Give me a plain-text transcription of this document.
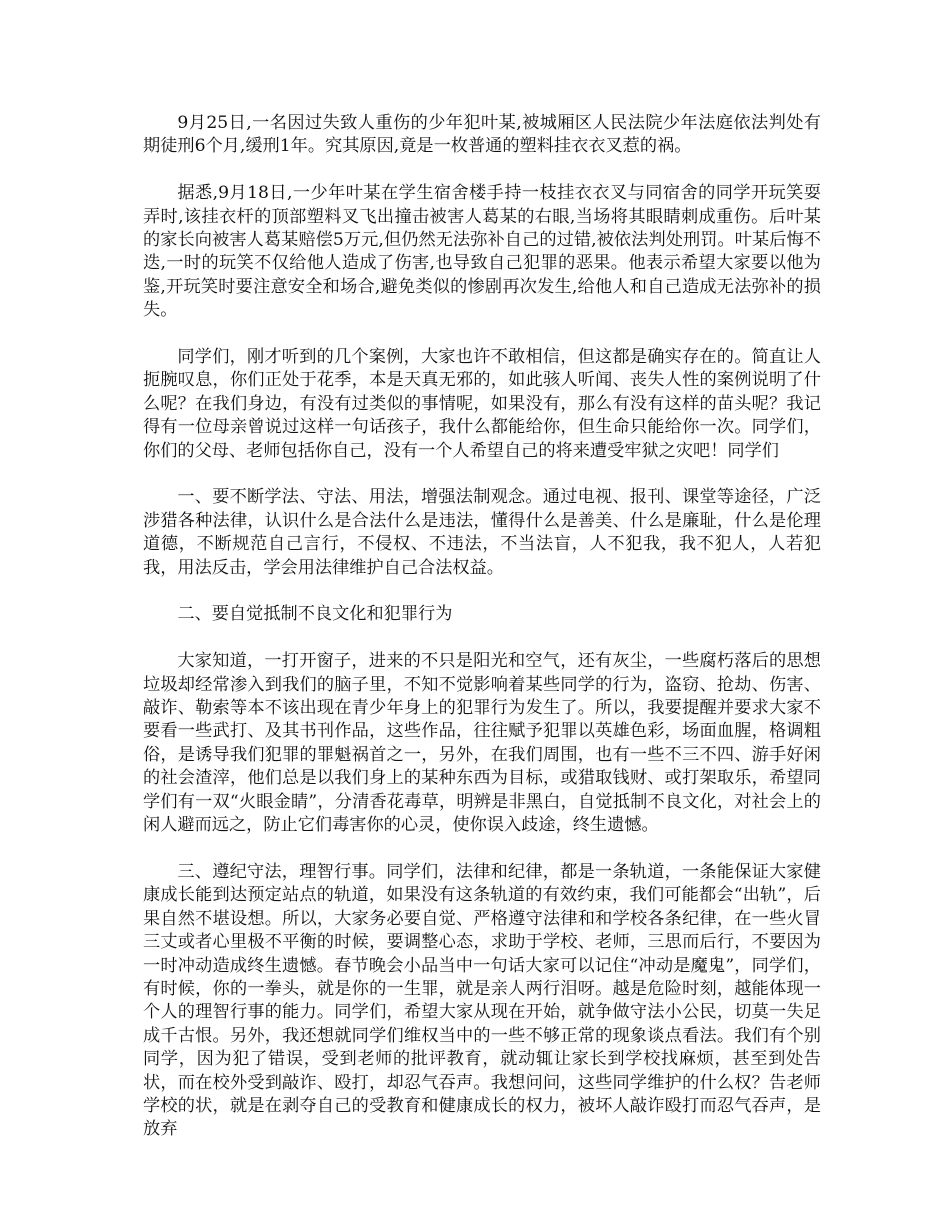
9月25日,一名因过失致人重伤的少年犯叶某,被城厢区人民法院少年法庭依法判处有期徒刑6个月,缓刑1年。究其原因,竟是一枚普通的塑料挂衣衣叉惹的祸。

据悉,9月18日,一少年叶某在学生宿舍楼手持一枝挂衣衣叉与同宿舍的同学开玩笑耍弄时,该挂衣杆的顶部塑料叉飞出撞击被害人葛某的右眼,当场将其眼睛刺成重伤。后叶某的家长向被害人葛某赔偿5万元,但仍然无法弥补自己的过错,被依法判处刑罚。叶某后悔不迭,一时的玩笑不仅给他人造成了伤害,也导致自己犯罪的恶果。他表示希望大家要以他为鉴,开玩笑时要注意安全和场合,避免类似的惨剧再次发生,给他人和自己造成无法弥补的损失。

同学们，刚才听到的几个案例，大家也许不敢相信，但这都是确实存在的。简直让人扼腕叹息，你们正处于花季，本是天真无邪的，如此骇人听闻、丧失人性的案例说明了什么呢？在我们身边，有没有过类似的事情呢，如果没有，那么有没有这样的苗头呢？我记得有一位母亲曾说过这样一句话孩子，我什么都能给你，但生命只能给你一次。同学们，你们的父母、老师包括你自己，没有一个人希望自己的将来遭受牢狱之灾吧！同学们

一、要不断学法、守法、用法，增强法制观念。通过电视、报刊、课堂等途径，广泛涉猎各种法律，认识什么是合法什么是违法，懂得什么是善美、什么是廉耻，什么是伦理道德，不断规范自己言行，不侵权、不违法，不当法盲，人不犯我，我不犯人，人若犯我，用法反击，学会用法律维护自己合法权益。

二、要自觉抵制不良文化和犯罪行为

大家知道，一打开窗子，进来的不只是阳光和空气，还有灰尘，一些腐朽落后的思想垃圾却经常渗入到我们的脑子里，不知不觉影响着某些同学的行为，盗窃、抢劫、伤害、敲诈、勒索等本不该出现在青少年身上的犯罪行为发生了。所以，我要提醒并要求大家不要看一些武打、及其书刊作品，这些作品，往往赋予犯罪以英雄色彩，场面血腥，格调粗俗，是诱导我们犯罪的罪魁祸首之一，另外，在我们周围，也有一些不三不四、游手好闲的社会渣滓，他们总是以我们身上的某种东西为目标，或猎取钱财、或打架取乐，希望同学们有一双“火眼金睛”，分清香花毒草，明辨是非黑白，自觉抵制不良文化，对社会上的闲人避而远之，防止它们毒害你的心灵，使你误入歧途，终生遗憾。

三、遵纪守法，理智行事。同学们，法律和纪律，都是一条轨道，一条能保证大家健康成长能到达预定站点的轨道，如果没有这条轨道的有效约束，我们可能都会“出轨”，后果自然不堪设想。所以，大家务必要自觉、严格遵守法律和和学校各条纪律，在一些火冒三丈或者心里极不平衡的时候，要调整心态，求助于学校、老师，三思而后行，不要因为一时冲动造成终生遗憾。春节晚会小品当中一句话大家可以记住“冲动是魔鬼”，同学们，有时候，你的一拳头，就是你的一生罪，就是亲人两行泪呀。越是危险时刻，越能体现一个人的理智行事的能力。同学们，希望大家从现在开始，就争做守法小公民，切莫一失足成千古恨。另外，我还想就同学们维权当中的一些不够正常的现象谈点看法。我们有个别同学，因为犯了错误，受到老师的批评教育，就动辄让家长到学校找麻烦，甚至到处告状，而在校外受到敲诈、殴打，却忍气吞声。我想问问，这些同学维护的什么权？告老师学校的状，就是在剥夺自己的受教育和健康成长的权力，被坏人敲诈殴打而忍气吞声，是放弃
